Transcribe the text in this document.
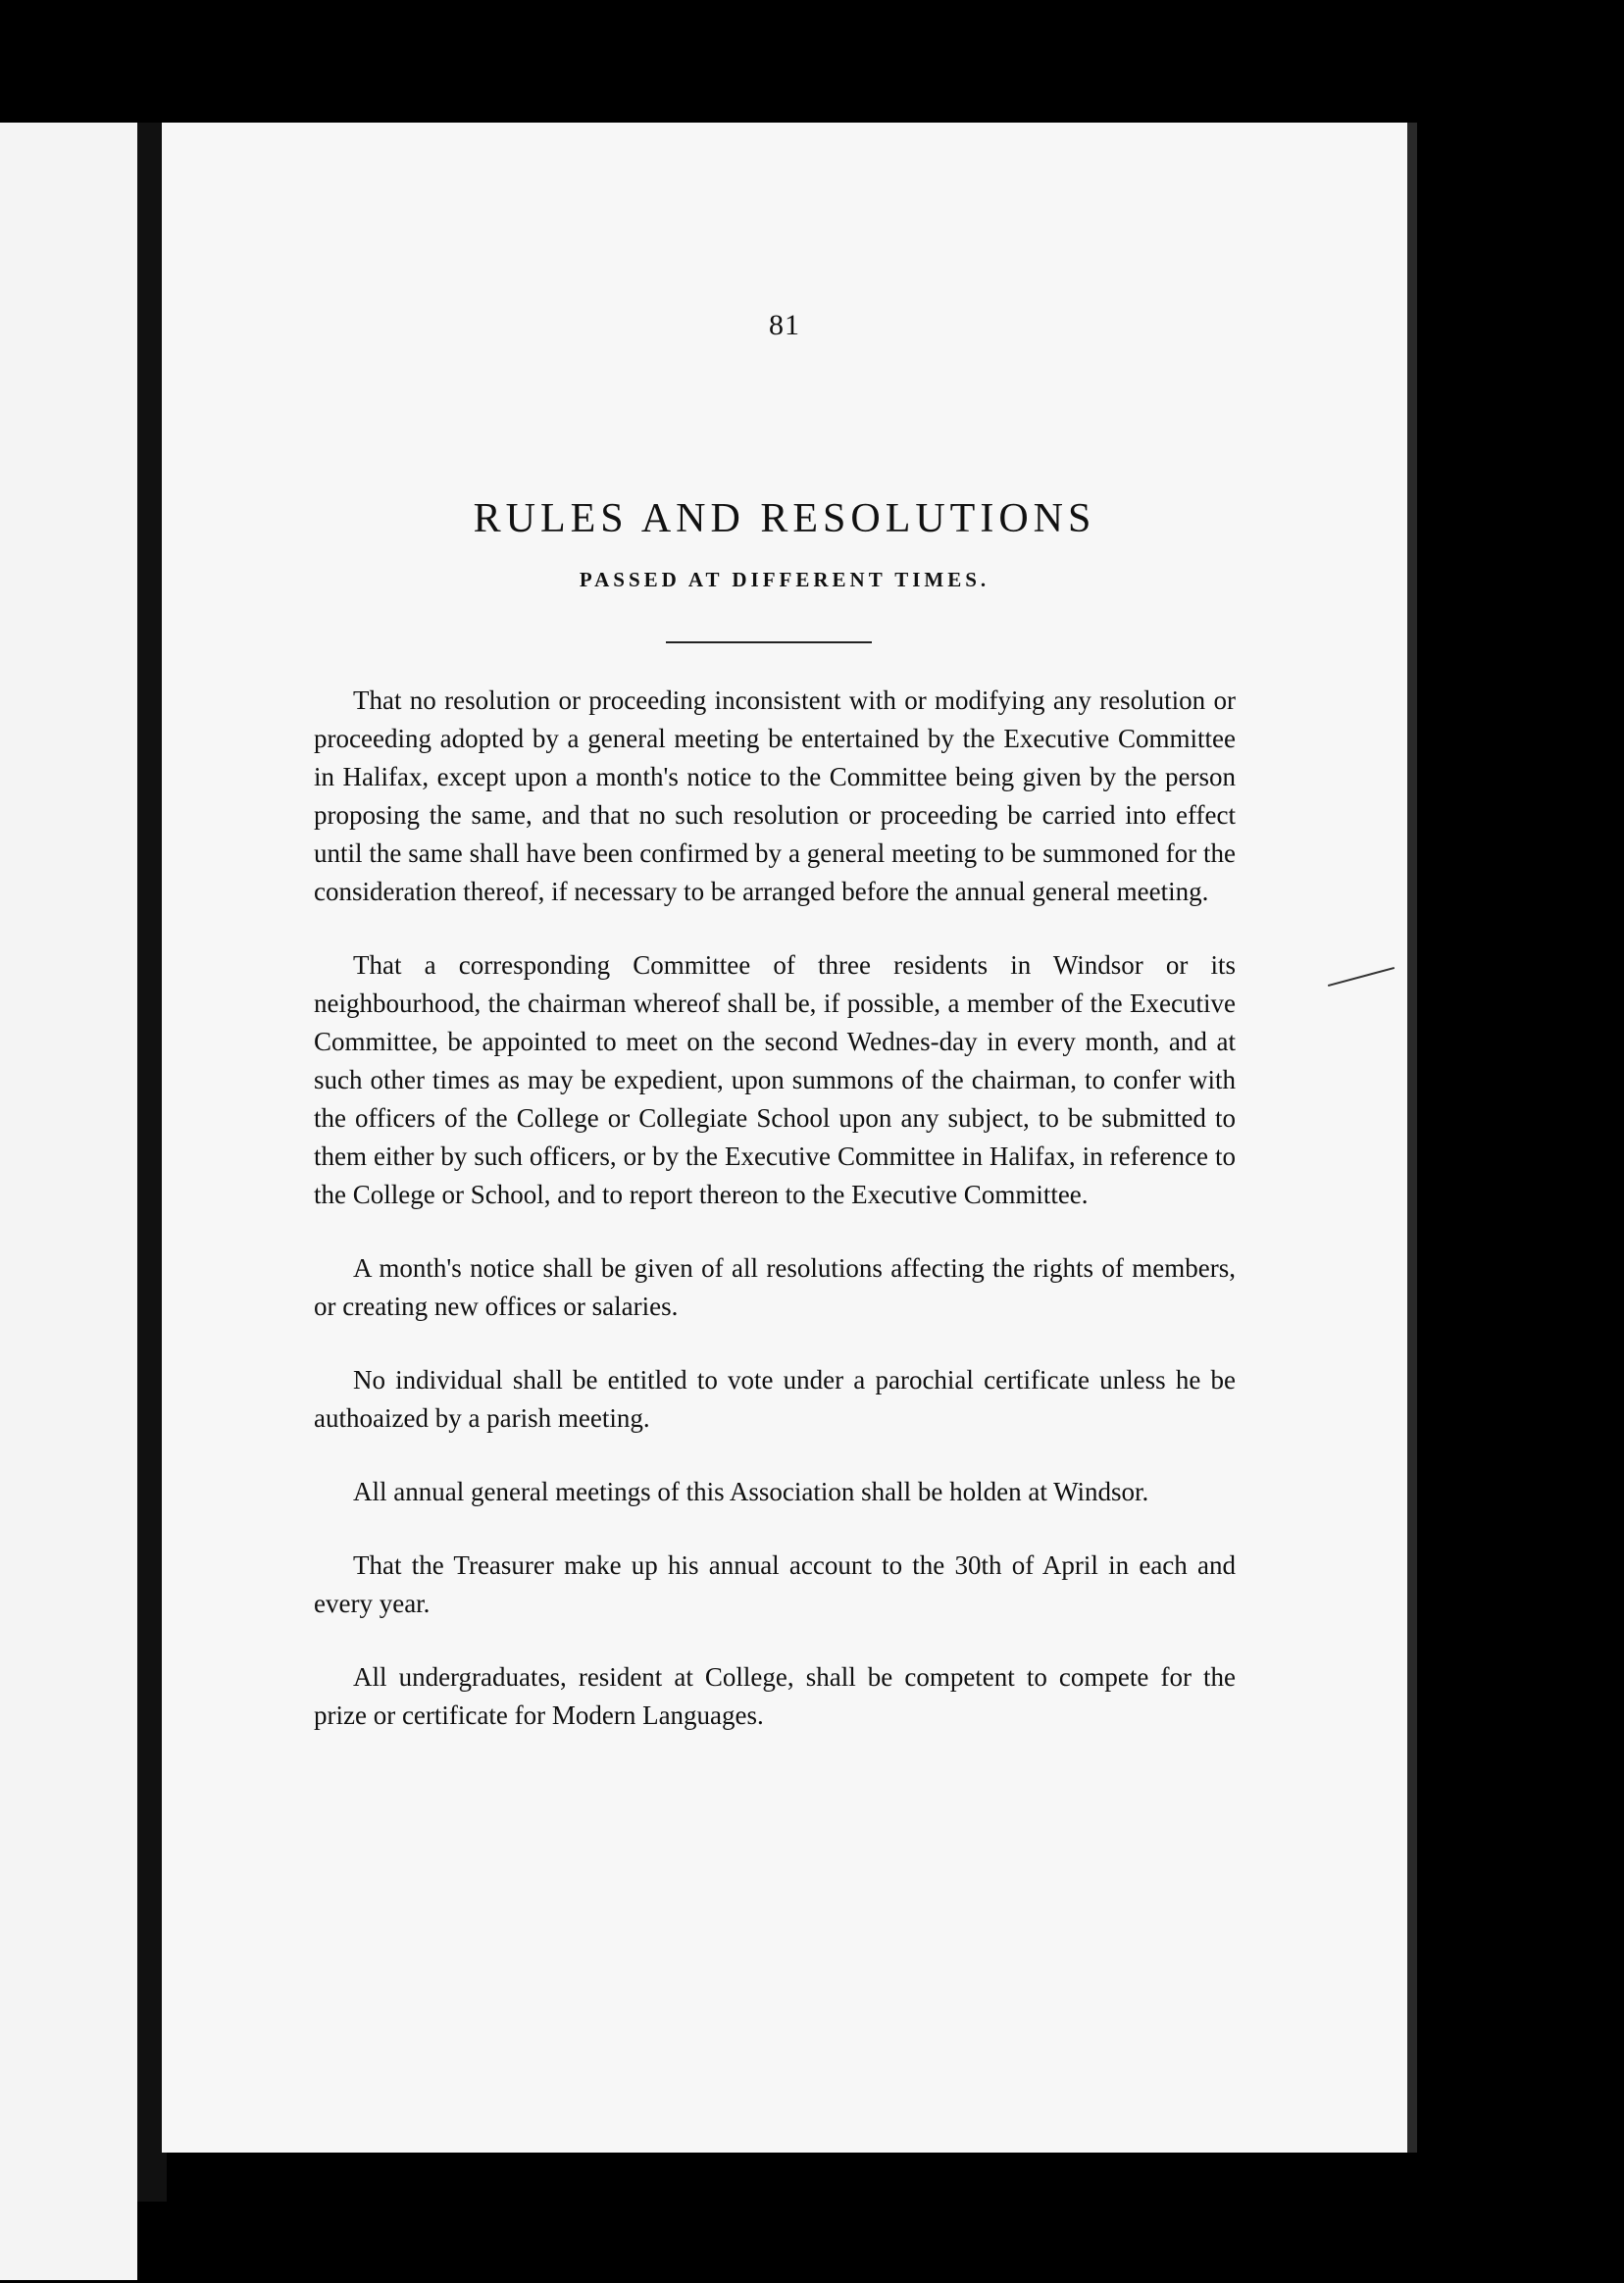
81
RULES AND RESOLUTIONS
PASSED AT DIFFERENT TIMES.

That no resolution or proceeding inconsistent with or modifying any resolution or proceeding adopted by a general meeting be entertained by the Executive Committee in Halifax, except upon a month's notice to the Committee being given by the person proposing the same, and that no such resolution or proceeding be carried into effect until the same shall have been confirmed by a general meeting to be summoned for the consideration thereof, if necessary to be arranged before the annual general meeting.

That a corresponding Committee of three residents in Windsor or its neighbourhood, the chairman whereof shall be, if possible, a member of the Executive Committee, be appointed to meet on the second Wednes-day in every month, and at such other times as may be expedient, upon summons of the chairman, to confer with the officers of the College or Collegiate School upon any subject, to be submitted to them either by such officers, or by the Executive Committee in Halifax, in reference to the College or School, and to report thereon to the Executive Committee.

A month's notice shall be given of all resolutions affecting the rights of members, or creating new offices or salaries.

No individual shall be entitled to vote under a parochial certificate unless he be authoaized by a parish meeting.

All annual general meetings of this Association shall be holden at Windsor.

That the Treasurer make up his annual account to the 30th of April in each and every year.

All undergraduates, resident at College, shall be competent to compete for the prize or certificate for Modern Languages.
